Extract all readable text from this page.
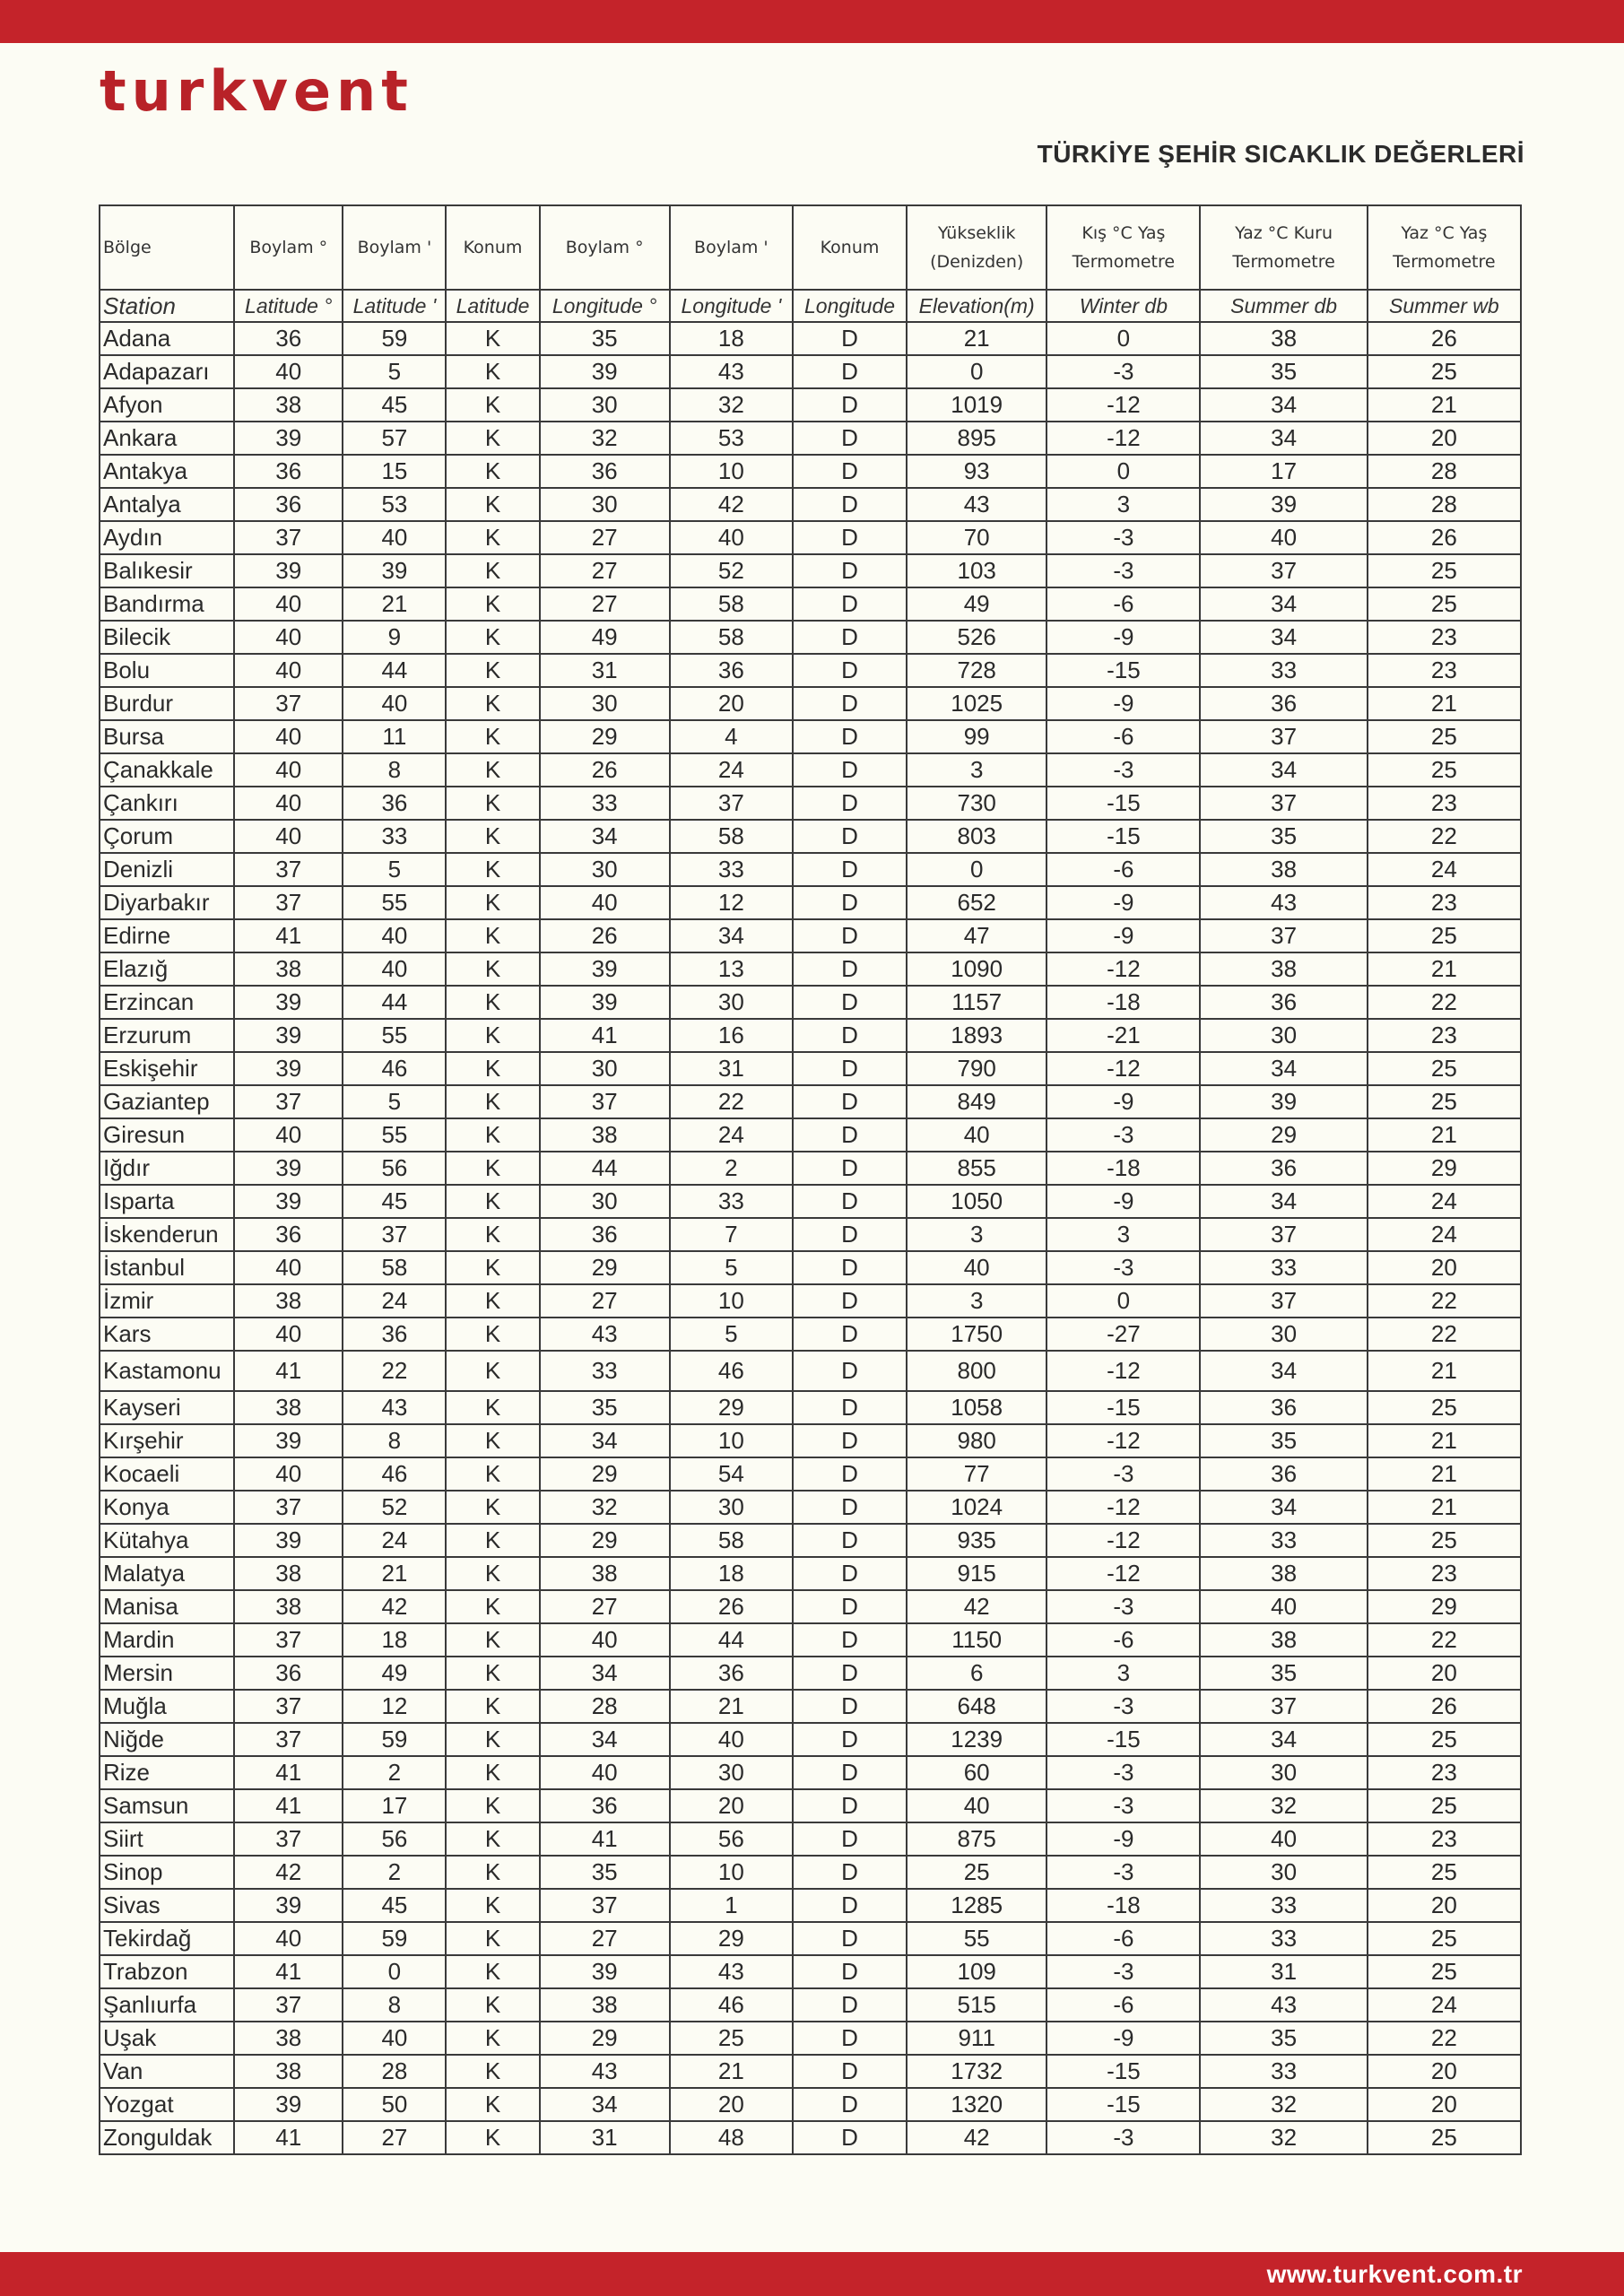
turkvent
TÜRKİYE ŞEHİR SICAKLIK DEĞERLERİ
Bölge	Boylam °	Boylam '	Konum	Boylam °	Boylam '	Konum	Yükseklik (Denizden)	Kış °C Yaş Termometre	Yaz °C Kuru Termometre	Yaz °C Yaş Termometre
Station	Latitude °	Latitude '	Latitude	Longitude °	Longitude '	Longitude	Elevation(m)	Winter db	Summer db	Summer wb
Adana	36	59	K	35	18	D	21	0	38	26
Adapazarı	40	5	K	39	43	D	0	-3	35	25
Afyon	38	45	K	30	32	D	1019	-12	34	21
Ankara	39	57	K	32	53	D	895	-12	34	20
Antakya	36	15	K	36	10	D	93	0	17	28
Antalya	36	53	K	30	42	D	43	3	39	28
Aydın	37	40	K	27	40	D	70	-3	40	26
Balıkesir	39	39	K	27	52	D	103	-3	37	25
Bandırma	40	21	K	27	58	D	49	-6	34	25
Bilecik	40	9	K	49	58	D	526	-9	34	23
Bolu	40	44	K	31	36	D	728	-15	33	23
Burdur	37	40	K	30	20	D	1025	-9	36	21
Bursa	40	11	K	29	4	D	99	-6	37	25
Çanakkale	40	8	K	26	24	D	3	-3	34	25
Çankırı	40	36	K	33	37	D	730	-15	37	23
Çorum	40	33	K	34	58	D	803	-15	35	22
Denizli	37	5	K	30	33	D	0	-6	38	24
Diyarbakır	37	55	K	40	12	D	652	-9	43	23
Edirne	41	40	K	26	34	D	47	-9	37	25
Elazığ	38	40	K	39	13	D	1090	-12	38	21
Erzincan	39	44	K	39	30	D	1157	-18	36	22
Erzurum	39	55	K	41	16	D	1893	-21	30	23
Eskişehir	39	46	K	30	31	D	790	-12	34	25
Gaziantep	37	5	K	37	22	D	849	-9	39	25
Giresun	40	55	K	38	24	D	40	-3	29	21
Iğdır	39	56	K	44	2	D	855	-18	36	29
Isparta	39	45	K	30	33	D	1050	-9	34	24
İskenderun	36	37	K	36	7	D	3	3	37	24
İstanbul	40	58	K	29	5	D	40	-3	33	20
İzmir	38	24	K	27	10	D	3	0	37	22
Kars	40	36	K	43	5	D	1750	-27	30	22
Kastamonu	41	22	K	33	46	D	800	-12	34	21
Kayseri	38	43	K	35	29	D	1058	-15	36	25
Kırşehir	39	8	K	34	10	D	980	-12	35	21
Kocaeli	40	46	K	29	54	D	77	-3	36	21
Konya	37	52	K	32	30	D	1024	-12	34	21
Kütahya	39	24	K	29	58	D	935	-12	33	25
Malatya	38	21	K	38	18	D	915	-12	38	23
Manisa	38	42	K	27	26	D	42	-3	40	29
Mardin	37	18	K	40	44	D	1150	-6	38	22
Mersin	36	49	K	34	36	D	6	3	35	20
Muğla	37	12	K	28	21	D	648	-3	37	26
Niğde	37	59	K	34	40	D	1239	-15	34	25
Rize	41	2	K	40	30	D	60	-3	30	23
Samsun	41	17	K	36	20	D	40	-3	32	25
Siirt	37	56	K	41	56	D	875	-9	40	23
Sinop	42	2	K	35	10	D	25	-3	30	25
Sivas	39	45	K	37	1	D	1285	-18	33	20
Tekirdağ	40	59	K	27	29	D	55	-6	33	25
Trabzon	41	0	K	39	43	D	109	-3	31	25
Şanlıurfa	37	8	K	38	46	D	515	-6	43	24
Uşak	38	40	K	29	25	D	911	-9	35	22
Van	38	28	K	43	21	D	1732	-15	33	20
Yozgat	39	50	K	34	20	D	1320	-15	32	20
Zonguldak	41	27	K	31	48	D	42	-3	32	25
www.turkvent.com.tr
